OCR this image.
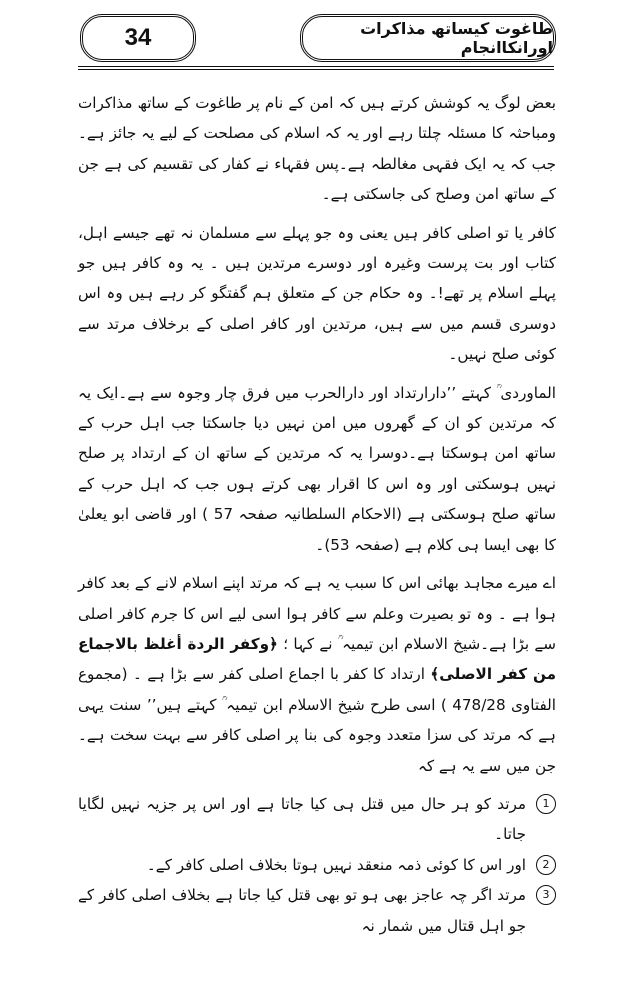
34	طاغوت کیساتھ مذاکرات اورانکاانجام

بعض لوگ یہ کوشش کرتے ہیں کہ امن کے نام پر طاغوت کے ساتھ مذاکرات ومباحثہ کا مسئلہ چلتا رہے اور یہ کہ اسلام کی مصلحت کے لیے یہ جائز ہے۔جب کہ یہ ایک فقہی مغالطہ ہے۔پس فقہاء نے کفار کی تقسیم کی ہے جن کے ساتھ امن وصلح کی جاسکتی ہے۔

کافر یا تو اصلی کافر ہیں یعنی وہ جو پہلے سے مسلمان نہ تھے جیسے اہل، کتاب اور بت پرست وغیرہ اور دوسرے مرتدین ہیں ۔ یہ وہ کافر ہیں جو پہلے اسلام پر تھے!۔ وہ حکام جن کے متعلق ہم گفتگو کر رہے ہیں وہ اس دوسری قسم میں سے ہیں، مرتدین اور کافر اصلی کے برخلاف مرتد سے کوئی صلح نہیں۔

الماوردی ؒ کہتے ’’دارارتداد اور دارالحرب میں فرق چار وجوہ سے ہے۔ایک یہ کہ مرتدین کو ان کے گھروں میں امن نہیں دیا جاسکتا جب اہل حرب کے ساتھ امن ہوسکتا ہے۔دوسرا یہ کہ مرتدین کے ساتھ ان کے ارتداد پر صلح نہیں ہوسکتی اور وہ اس کا اقرار بھی کرتے ہوں جب کہ اہل حرب کے ساتھ صلح ہوسکتی ہے (الاحکام السلطانیہ صفحہ 57 ) اور قاضی ابو یعلیٰ کا بھی ایسا ہی کلام ہے (صفحہ 53)۔

اے میرے مجاہد بھائی اس کا سبب یہ ہے کہ مرتد اپنے اسلام لانے کے بعد کافر ہوا ہے ۔ وہ تو بصیرت وعلم سے کافر ہوا اسی لیے اس کا جرم کافر اصلی سے بڑا ہے۔شیخ الاسلام ابن تیمیہ ؒ نے کہا ؛ ﴿وکفر الردة أغلظ بالاجماع من کفر الاصلی﴾ ارتداد کا کفر با اجماع اصلی کفر سے بڑا ہے ۔ (مجموع الفتاوی 478/28 ) اسی طرح شیخ الاسلام ابن تیمیہ ؒ کہتے ہیں’’ سنت یہی ہے کہ مرتد کی سزا متعدد وجوہ کی بنا پر اصلی کافر سے بہت سخت ہے۔ جن میں سے یہ ہے کہ

1
مرتد کو ہر حال میں قتل ہی کیا جاتا ہے اور اس پر جزیہ نہیں لگایا جاتا۔
2
اور اس کا کوئی ذمہ منعقد نہیں ہوتا بخلاف اصلی کافر کے۔
3
مرتد اگر چہ عاجز بھی ہو تو بھی قتل کیا جاتا ہے بخلاف اصلی کافر کے جو اہل قتال میں شمار نہ
